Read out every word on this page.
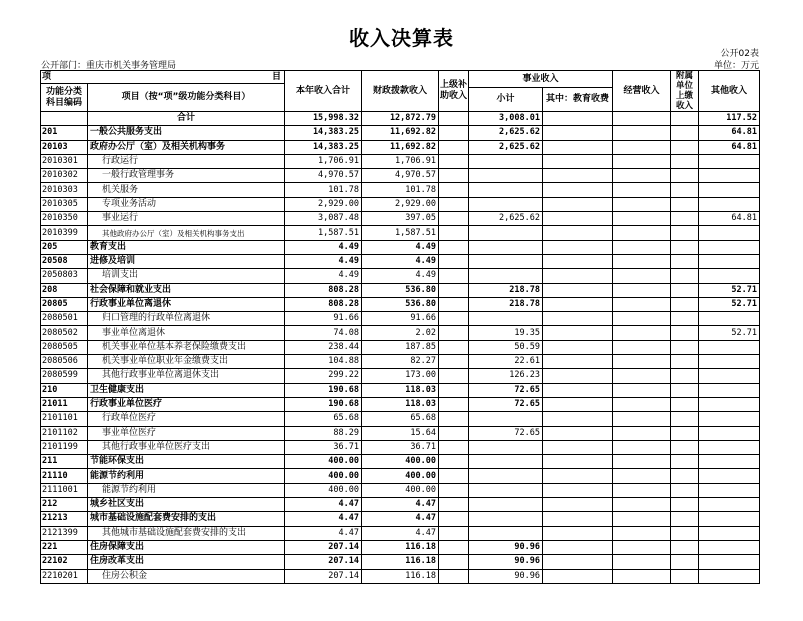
收入决算表
公开02表
公开部门：重庆市机关事务管理局	单位：万元
项 目		本年收入合计	财政拨款收入	上级补助收入	事业收入		经营收入	附属单位上缴收入	其他收入
功能分类科目编码	项目（按“项”级功能分类科目）								
					小计	其中：教育收费			
	合计	15,998.32	12,872.79		3,008.01				117.52
201	一般公共服务支出	14,383.25	11,692.82		2,625.62				64.81
20103	政府办公厅（室）及相关机构事务	14,383.25	11,692.82		2,625.62				64.81
2010301	行政运行	1,706.91	1,706.91						
2010302	一般行政管理事务	4,970.57	4,970.57						
2010303	机关服务	101.78	101.78						
2010305	专项业务活动	2,929.00	2,929.00						
2010350	事业运行	3,087.48	397.05		2,625.62				64.81
2010399	其他政府办公厅（室）及相关机构事务支出	1,587.51	1,587.51						
205	教育支出	4.49	4.49						
20508	进修及培训	4.49	4.49						
2050803	培训支出	4.49	4.49						
208	社会保障和就业支出	808.28	536.80		218.78				52.71
20805	行政事业单位离退休	808.28	536.80		218.78				52.71
2080501	归口管理的行政单位离退休	91.66	91.66						
2080502	事业单位离退休	74.08	2.02		19.35				52.71
2080505	机关事业单位基本养老保险缴费支出	238.44	187.85		50.59				
2080506	机关事业单位职业年金缴费支出	104.88	82.27		22.61				
2080599	其他行政事业单位离退休支出	299.22	173.00		126.23				
210	卫生健康支出	190.68	118.03		72.65				
21011	行政事业单位医疗	190.68	118.03		72.65				
2101101	行政单位医疗	65.68	65.68						
2101102	事业单位医疗	88.29	15.64		72.65				
2101199	其他行政事业单位医疗支出	36.71	36.71						
211	节能环保支出	400.00	400.00						
21110	能源节约利用	400.00	400.00						
2111001	能源节约利用	400.00	400.00						
212	城乡社区支出	4.47	4.47						
21213	城市基础设施配套费安排的支出	4.47	4.47						
2121399	其他城市基础设施配套费安排的支出	4.47	4.47						
221	住房保障支出	207.14	116.18		90.96				
22102	住房改革支出	207.14	116.18		90.96				
2210201	住房公积金	207.14	116.18		90.96				
